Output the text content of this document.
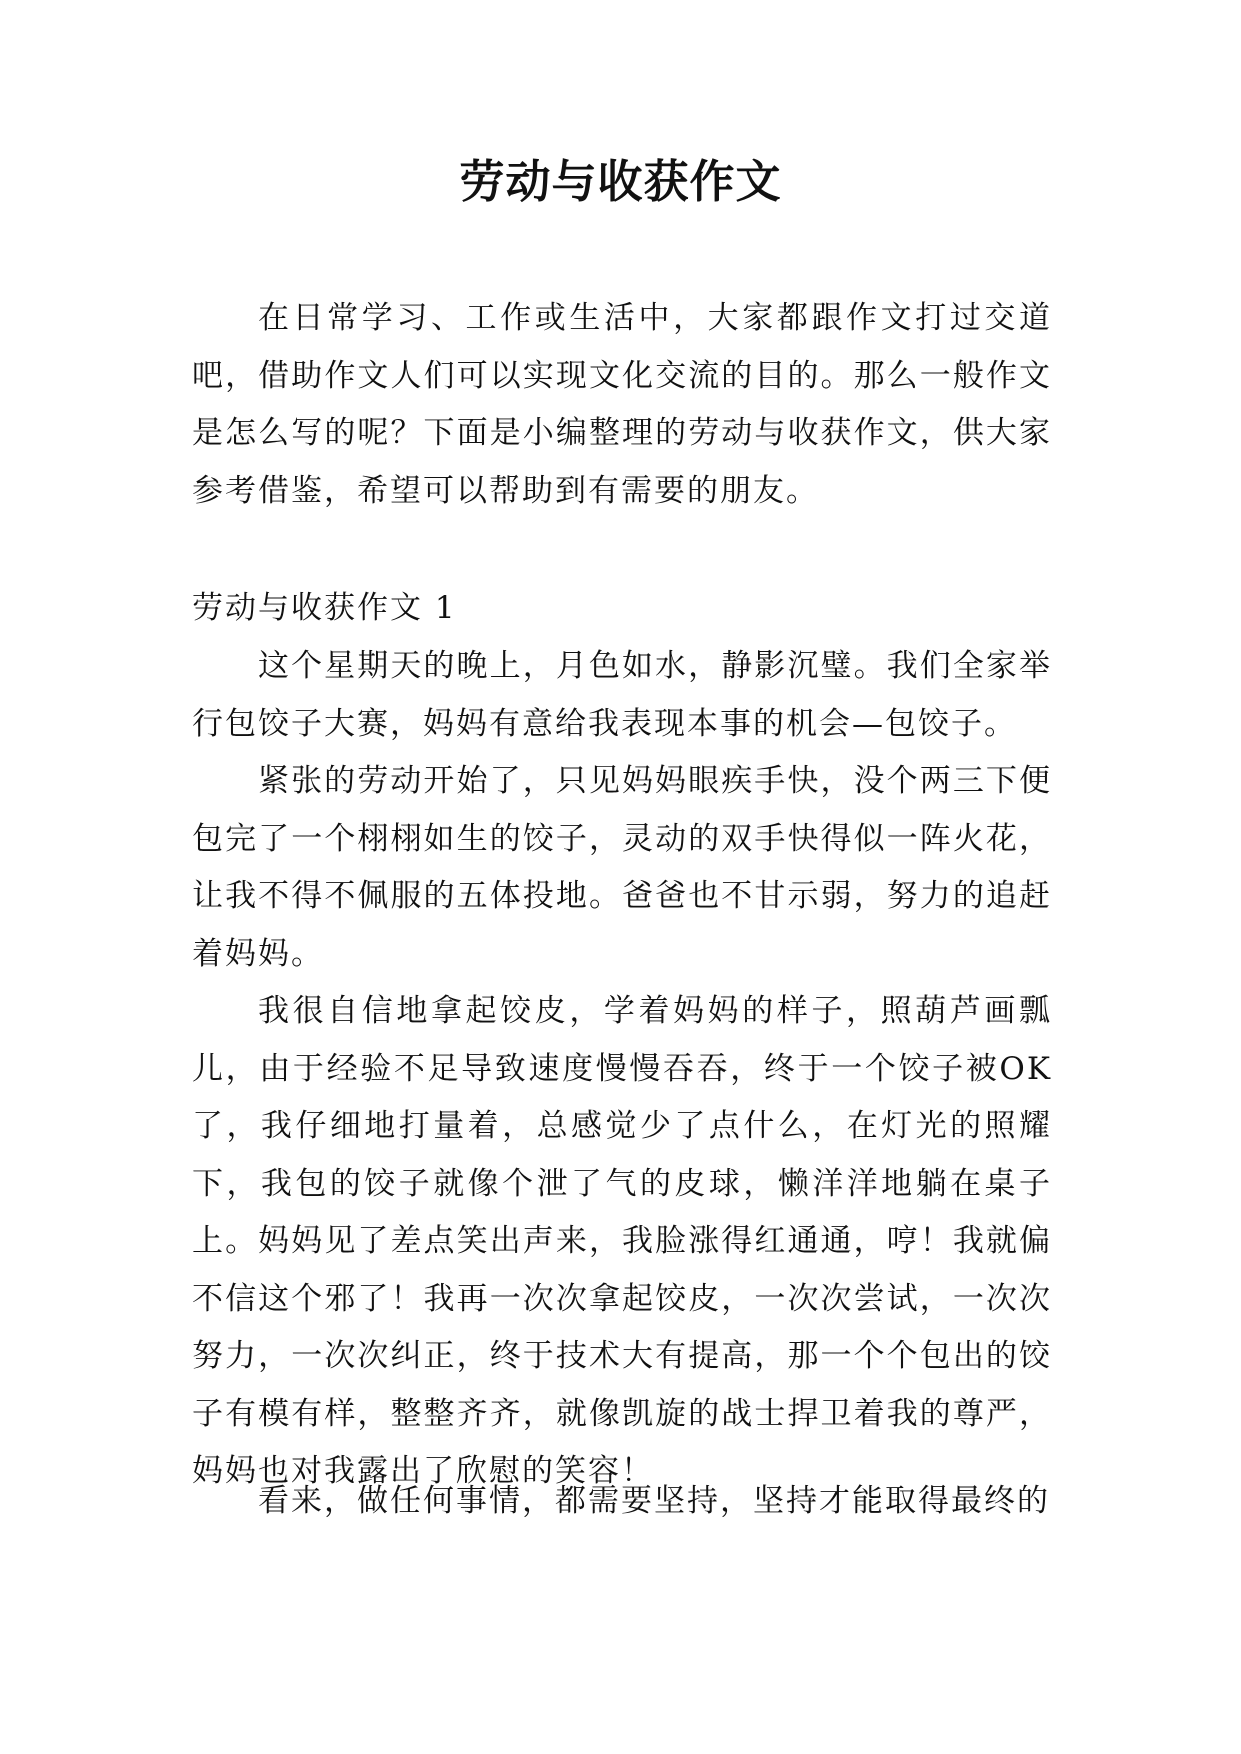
劳动与收获作文

在日常学习、工作或生活中，大家都跟作文打过交道吧，借助作文人们可以实现文化交流的目的。那么一般作文是怎么写的呢？下面是小编整理的劳动与收获作文，供大家参考借鉴，希望可以帮助到有需要的朋友。

劳动与收获作文 1

这个星期天的晚上，月色如水，静影沉璧。我们全家举行包饺子大赛，妈妈有意给我表现本事的机会—包饺子。

紧张的劳动开始了，只见妈妈眼疾手快，没个两三下便包完了一个栩栩如生的饺子，灵动的双手快得似一阵火花，让我不得不佩服的五体投地。爸爸也不甘示弱，努力的追赶着妈妈。

我很自信地拿起饺皮，学着妈妈的样子，照葫芦画瓢儿，由于经验不足导致速度慢慢吞吞，终于一个饺子被OK了，我仔细地打量着，总感觉少了点什么，在灯光的照耀下，我包的饺子就像个泄了气的皮球，懒洋洋地躺在桌子上。妈妈见了差点笑出声来，我脸涨得红通通，哼！我就偏不信这个邪了！我再一次次拿起饺皮，一次次尝试，一次次努力，一次次纠正，终于技术大有提高，那一个个包出的饺子有模有样，整整齐齐，就像凯旋的战士捍卫着我的尊严，妈妈也对我露出了欣慰的笑容！

看来，做任何事情，都需要坚持，坚持才能取得最终的
